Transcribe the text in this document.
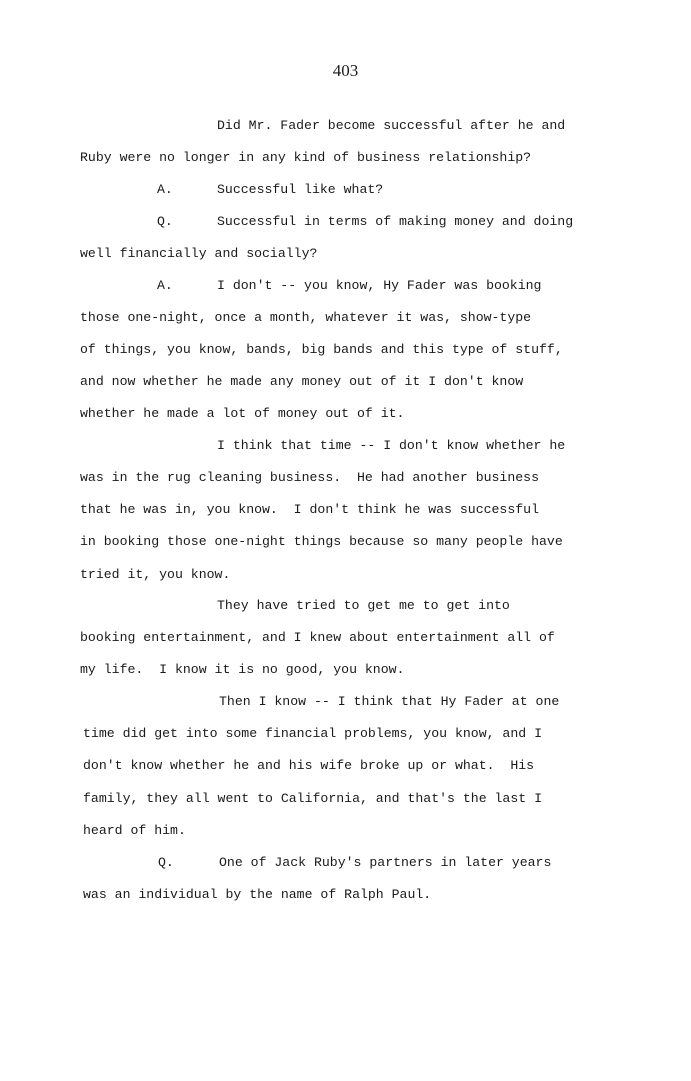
403
Did Mr. Fader become successful after he and
Ruby were no longer in any kind of business relationship?
A.	Successful like what?
Q.	Successful in terms of making money and doing
well financially and socially?
A.	I don't -- you know, Hy Fader was booking
those one-night, once a month, whatever it was, show-type
of things, you know, bands, big bands and this type of stuff,
and now whether he made any money out of it I don't know
whether he made a lot of money out of it.
I think that time -- I don't know whether he
was in the rug cleaning business.  He had another business
that he was in, you know.  I don't think he was successful
in booking those one-night things because so many people have
tried it, you know.
They have tried to get me to get into
booking entertainment, and I knew about entertainment all of
my life.  I know it is no good, you know.
Then I know -- I think that Hy Fader at one
time did get into some financial problems, you know, and I
don't know whether he and his wife broke up or what.  His
family, they all went to California, and that's the last I
heard of him.
Q.	One of Jack Ruby's partners in later years
was an individual by the name of Ralph Paul.
